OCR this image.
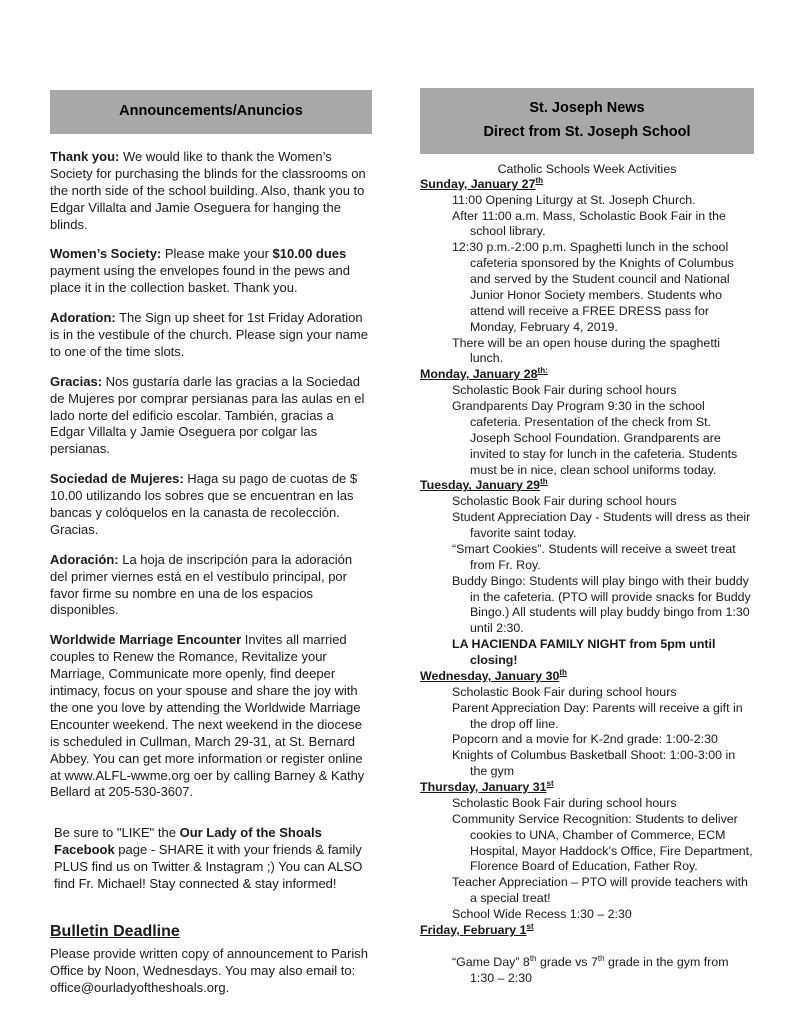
Announcements/Anuncios

Thank you: We would like to thank the Women’s Society for purchasing the blinds for the classrooms on the north side of the school building. Also, thank you to Edgar Villalta and Jamie Oseguera for hanging the blinds.

Women’s Society: Please make your $10.00 dues payment using the envelopes found in the pews and place it in the collection basket. Thank you.

Adoration: The Sign up sheet for 1st Friday Adoration is in the vestibule of the church. Please sign your name to one of the time slots.

Gracias: Nos gustaría darle las gracias a la Sociedad de Mujeres por comprar persianas para las aulas en el lado norte del edificio escolar. También, gracias a Edgar Villalta y Jamie Oseguera por colgar las persianas.

Sociedad de Mujeres: Haga su pago de cuotas de $ 10.00 utilizando los sobres que se encuentran en las bancas y colóquelos en la canasta de recolección. Gracias.

Adoración: La hoja de inscripción para la adoración del primer viernes está en el vestíbulo principal, por favor firme su nombre en una de los espacios disponibles.

Worldwide Marriage Encounter Invites all married couples to Renew the Romance, Revitalize your Marriage, Communicate more openly, find deeper intimacy, focus on your spouse and share the joy with the one you love by attending the Worldwide Marriage Encounter weekend. The next weekend in the diocese is scheduled in Cullman, March 29-31, at St. Bernard Abbey. You can get more information or register online at www.ALFL-wwme.org oer by calling Barney & Kathy Bellard at 205-530-3607.

Be sure to "LIKE" the Our Lady of the Shoals Facebook page - SHARE it with your friends & family PLUS find us on Twitter & Instagram ;) You can ALSO find Fr. Michael! Stay connected & stay informed!

Bulletin Deadline

Please provide written copy of announcement to Parish Office by Noon, Wednesdays. You may also email to: office@ourladyoftheshoals.org.

St. Joseph News
Direct from St. Joseph School
Catholic Schools Week Activities
Sunday, January 27th
11:00 Opening Liturgy at St. Joseph Church.
After 11:00 a.m. Mass, Scholastic Book Fair in the school library.
12:30 p.m.-2:00 p.m. Spaghetti lunch in the school cafeteria sponsored by the Knights of Columbus and served by the Student council and National Junior Honor Society members. Students who attend will receive a FREE DRESS pass for Monday, February 4, 2019.
There will be an open house during the spaghetti lunch.
Monday, January $28^{th:}$
Scholastic Book Fair during school hours
Grandparents Day Program 9:30 in the school cafeteria. Presentation of the check from St. Joseph School Foundation. Grandparents are invited to stay for lunch in the cafeteria. Students must be in nice, clean school uniforms today.
Tuesday, January 29th
Scholastic Book Fair during school hours
Student Appreciation Day - Students will dress as their favorite saint today.
“Smart Cookies”. Students will receive a sweet treat from Fr. Roy.
Buddy Bingo: Students will play bingo with their buddy in the cafeteria. (PTO will provide snacks for Buddy Bingo.) All students will play buddy bingo from 1:30 until 2:30.
LA HACIENDA FAMILY NIGHT from 5pm until closing!
Wednesday, January 30th
Scholastic Book Fair during school hours
Parent Appreciation Day: Parents will receive a gift in the drop off line.
Popcorn and a movie for K-2nd grade: 1:00-2:30
Knights of Columbus Basketball Shoot: 1:00-3:00 in the gym
Thursday, January 31st
Scholastic Book Fair during school hours
Community Service Recognition: Students to deliver cookies to UNA, Chamber of Commerce, ECM Hospital, Mayor Haddock’s Office, Fire Department, Florence Board of Education, Father Roy.
Teacher Appreciation – PTO will provide teachers with a special treat!
School Wide Recess 1:30 – 2:30
Friday, February 1st
“Game Day” 8th grade vs 7th grade in the gym from 1:30 – 2:30
